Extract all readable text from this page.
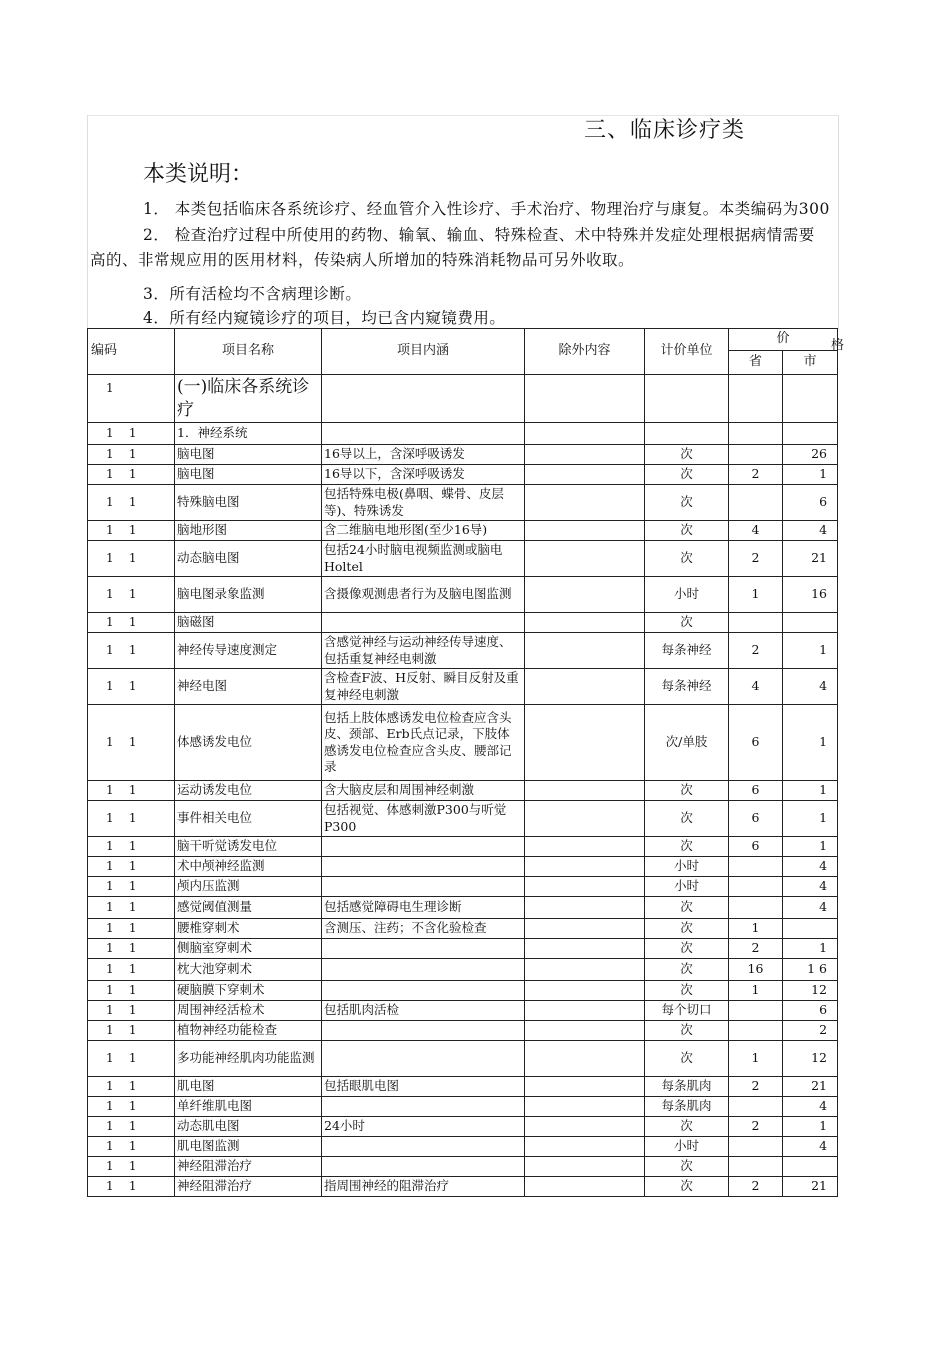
三、临床诊疗类
本类说明：
1． 本类包括临床各系统诊疗、经血管介入性诊疗、手术治疗、物理治疗与康复。本类编码为300
2． 检查治疗过程中所使用的药物、输氧、输血、特殊检查、术中特殊并发症处理根据病情需要
高的、非常规应用的医用材料，传染病人所增加的特殊消耗物品可另外收取。
3．所有活检均不含病理诊断。
4．所有经内窥镜诊疗的项目，均已含内窥镜费用。
编码	项目名称	项目内涵	除外内容	计价单位	价	
					省	市
1	(一)临床各系统诊疗					
1    1	1．神经系统					
1    1	脑电图	16导以上，含深呼吸诱发		次		26
1    1	脑电图	16导以下，含深呼吸诱发		次	2	1
1    1	特殊脑电图	包括特殊电极(鼻咽、蝶骨、皮层等)、特殊诱发		次		6
1    1	脑地形图	含二维脑电地形图(至少16导)		次	4	4
1    1	动态脑电图	包括24小时脑电视频监测或脑电Holtel		次	2	21
1    1	脑电图录象监测	含摄像观测患者行为及脑电图监测		小时	1	16
1    1	脑磁图			次		
1    1	神经传导速度测定	含感觉神经与运动神经传导速度、包括重复神经电刺激		每条神经	2	1
1    1	神经电图	含检查F波、H反射、瞬目反射及重复神经电刺激		每条神经	4	4
1    1	体感诱发电位	包括上肢体感诱发电位检查应含头皮、颈部、Erb氏点记录，下肢体感诱发电位检查应含头皮、腰部记录		次/单肢	6	1
1    1	运动诱发电位	含大脑皮层和周围神经刺激		次	6	1
1    1	事件相关电位	包括视觉、体感刺激P300与听觉P300		次	6	1
1    1	脑干听觉诱发电位			次	6	1
1    1	术中颅神经监测			小时		4
1    1	颅内压监测			小时		4
1    1	感觉阈值测量	包括感觉障碍电生理诊断		次		4
1    1	腰椎穿刺术	含测压、注药；不含化验检查		次	1	
1    1	侧脑室穿刺术			次	2	1
1    1	枕大池穿刺术			次	16	1 6
1    1	硬脑膜下穿刺术			次	1	12
1    1	周围神经活检术	包括肌肉活检		每个切口		6
1    1	植物神经功能检查			次		2
1    1	多功能神经肌肉功能监测			次	1	12
1    1	肌电图	包括眼肌电图		每条肌肉	2	21
1    1	单纤维肌电图			每条肌肉		4
1    1	动态肌电图	24小时		次	2	1
1    1	肌电图监测			小时		4
1    1	神经阻滞治疗			次		
1    1	神经阻滞治疗	指周围神经的阻滞治疗		次	2	21
格
